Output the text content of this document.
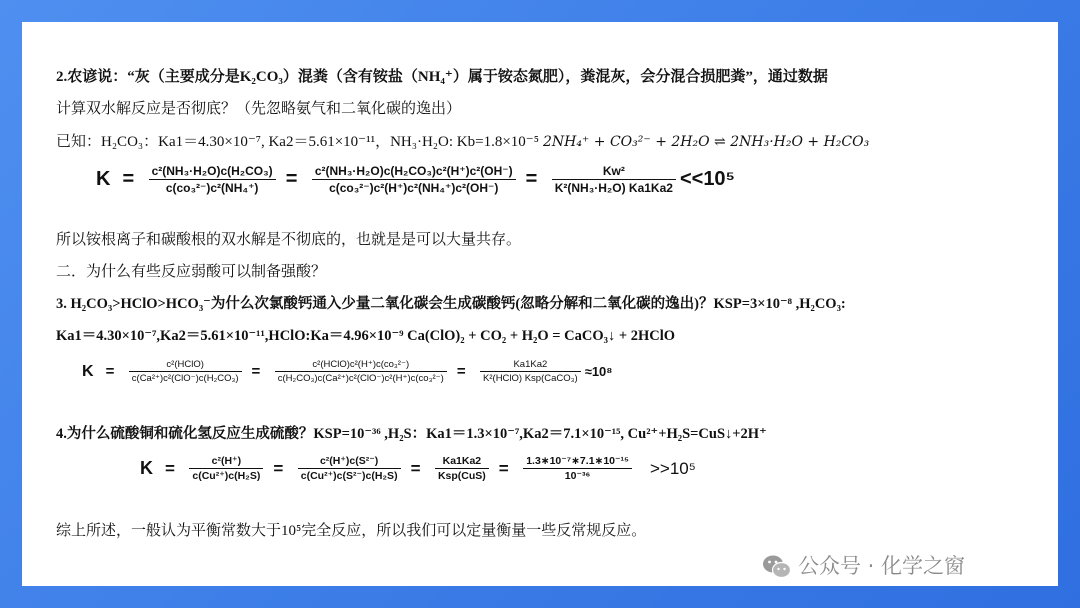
2.农谚说：“灰（主要成分是K₂CO₃）混粪（含有铵盐（NH₄⁺）属于铵态氮肥），粪混灰，会分混合损肥粪”，通过数据
计算双水解反应是否彻底？（先忽略氨气和二氧化碳的逸出）
已知：H₂CO₃：Ka1＝4.30×10⁻⁷, Ka2＝5.61×10⁻¹¹，NH₃·H₂O: Kb=1.8×10⁻⁵ 2NH₄⁺ + CO₃²⁻ + 2H₂O ⇌ 2NH₃·H₂O + H₂CO₃
$K = \frac{\text{c²(NH₃·H₂O)c(H₂CO₃)}}{\text{c(co₃²⁻)c²(NH₄⁺)}} = \frac{\text{c²(NH₃·H₂O)c(H₂CO₃)c²(H⁺)c²(OH⁻)}}{\text{c(co₃²⁻)c²(H⁺)c²(NH₄⁺)c²(OH⁻)}} = \frac{\text{Kw²}}{\text{K²(NH₃·H₂O) Ka1Ka2}} <<10^5$
所以铵根离子和碳酸根的双水解是不彻底的，也就是是可以大量共存。
二．为什么有些反应弱酸可以制备强酸？
3. H₂CO₃>HClO>HCO₃⁻为什么次氯酸钙通入少量二氧化碳会生成碳酸钙(忽略分解和二氧化碳的逸出)？KSP=3×10⁻⁸ ,H₂CO₃:
Ka1＝4.30×10⁻⁷,Ka2＝5.61×10⁻¹¹,HClO:Ka＝4.96×10⁻⁹ Ca(ClO)₂ + CO₂ + H₂O = CaCO₃↓ + 2HClO
$K = \frac{\text{c²(HClO)}}{\text{c(Ca²⁺)c²(ClO⁻)c(H₂CO₃)}} = \frac{\text{c²(HClO)c²(H⁺)c(co₃²⁻)}}{\text{c(H₂CO₃)c(Ca²⁺)c²(ClO⁻)c²(H⁺)c(co₃²⁻)}} = \frac{Ka1Ka2}{\text{K²(HClO) Ksp(CaCO₃)}} \approx 10^8$
4.为什么硫酸铜和硫化氢反应生成硫酸？KSP=10⁻³⁶ ,H₂S：Ka1＝1.3×10⁻⁷,Ka2＝7.1×10⁻¹⁵, Cu²⁺+H₂S=CuS↓+2H⁺
$K = \frac{\text{c²(H⁺)}}{\text{c(Cu²⁺)c(H₂S)}} = \frac{\text{c²(H⁺)c(S²⁻)}}{\text{c(Cu²⁺)c(S²⁻)c(H₂S)}} = \frac{Ka1Ka2}{\text{Ksp(CuS)}} = \frac{\text{1.3∗10⁻⁷∗7.1∗10⁻¹⁵}}{\text{10⁻³⁶}} >>10^5$
综上所述，一般认为平衡常数大于10⁵完全反应，所以我们可以定量衡量一些反常规反应。
公众号 · 化学之窗
